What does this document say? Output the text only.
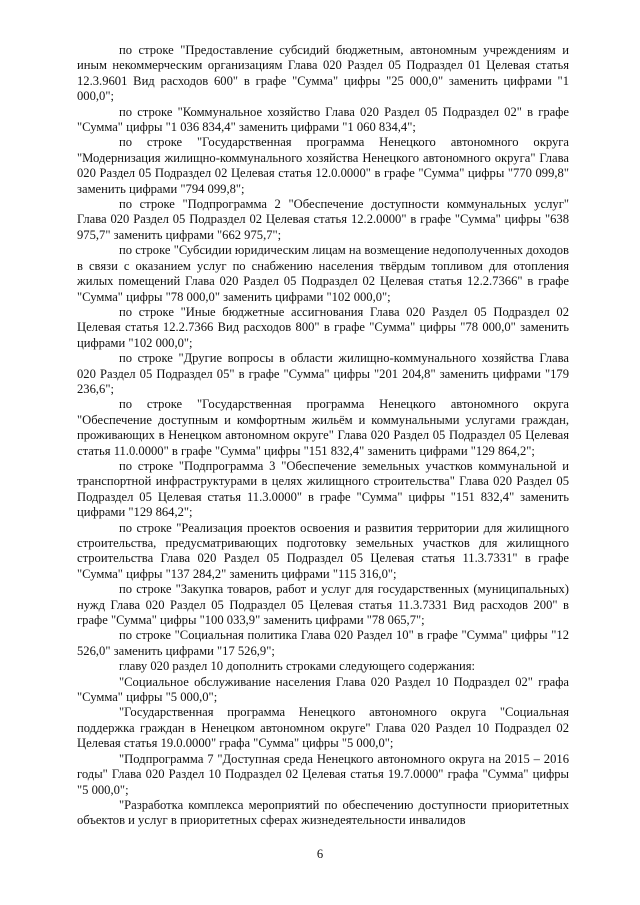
по строке "Предоставление субсидий бюджетным, автономным учреждениям и иным некоммерческим организациям Глава 020 Раздел 05 Подраздел 01 Целевая статья 12.3.9601 Вид расходов 600" в графе "Сумма" цифры "25 000,0" заменить цифрами "1 000,0";

по строке "Коммунальное хозяйство Глава 020 Раздел 05 Подраздел 02" в графе "Сумма" цифры "1 036 834,4" заменить цифрами "1 060 834,4";

по строке "Государственная программа Ненецкого автономного округа "Модернизация жилищно-коммунального хозяйства Ненецкого автономного округа" Глава 020 Раздел 05 Подраздел 02 Целевая статья 12.0.0000" в графе "Сумма" цифры "770 099,8" заменить цифрами "794 099,8";

по строке "Подпрограмма 2 "Обеспечение доступности коммунальных услуг" Глава 020 Раздел 05 Подраздел 02 Целевая статья 12.2.0000" в графе "Сумма" цифры "638 975,7" заменить цифрами "662 975,7";

по строке "Субсидии юридическим лицам на возмещение недополученных доходов в связи с оказанием услуг по снабжению населения твёрдым топливом для отопления жилых помещений Глава 020 Раздел 05 Подраздел 02 Целевая статья 12.2.7366" в графе "Сумма" цифры "78 000,0" заменить цифрами "102 000,0";

по строке "Иные бюджетные ассигнования Глава 020 Раздел 05 Подраздел 02 Целевая статья 12.2.7366 Вид расходов 800" в графе "Сумма" цифры "78 000,0" заменить цифрами "102 000,0";

по строке "Другие вопросы в области жилищно-коммунального хозяйства Глава 020 Раздел 05 Подраздел 05" в графе "Сумма" цифры "201 204,8" заменить цифрами "179 236,6";

по строке "Государственная программа Ненецкого автономного округа "Обеспечение доступным и комфортным жильём и коммунальными услугами граждан, проживающих в Ненецком автономном округе" Глава 020 Раздел 05 Подраздел 05 Целевая статья 11.0.0000" в графе "Сумма" цифры "151 832,4" заменить цифрами "129 864,2";

по строке "Подпрограмма 3 "Обеспечение земельных участков коммунальной и транспортной инфраструктурами в целях жилищного строительства" Глава 020 Раздел 05 Подраздел 05 Целевая статья 11.3.0000" в графе "Сумма" цифры "151 832,4" заменить цифрами "129 864,2";

по строке "Реализация проектов освоения и развития территории для жилищного строительства, предусматривающих подготовку земельных участков для жилищного строительства Глава 020 Раздел 05 Подраздел 05 Целевая статья 11.3.7331" в графе "Сумма" цифры "137 284,2" заменить цифрами "115 316,0";

по строке "Закупка товаров, работ и услуг для государственных (муниципальных) нужд Глава 020 Раздел 05 Подраздел 05 Целевая статья 11.3.7331 Вид расходов 200" в графе "Сумма" цифры "100 033,9" заменить цифрами "78 065,7";

по строке "Социальная политика Глава 020 Раздел 10" в графе "Сумма" цифры "12 526,0" заменить цифрами "17 526,9";

главу 020 раздел 10 дополнить строками следующего содержания:

"Социальное обслуживание населения Глава 020 Раздел 10 Подраздел 02" графа "Сумма" цифры "5 000,0";

"Государственная программа Ненецкого автономного округа "Социальная поддержка граждан в Ненецком автономном округе" Глава 020 Раздел 10 Подраздел 02 Целевая статья 19.0.0000" графа "Сумма" цифры "5 000,0";

"Подпрограмма 7 "Доступная среда Ненецкого автономного округа на 2015 – 2016 годы" Глава 020 Раздел 10 Подраздел 02 Целевая статья 19.7.0000" графа "Сумма" цифры "5 000,0";

"Разработка комплекса мероприятий по обеспечению доступности приоритетных объектов и услуг в приоритетных сферах жизнедеятельности инвалидов

6
